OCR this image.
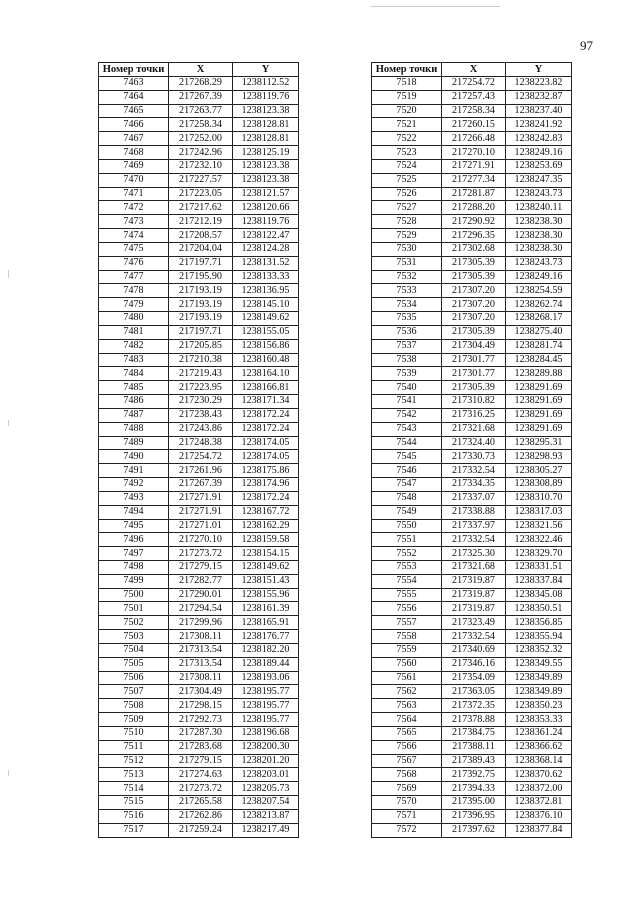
97
Номер точки	X	Y
7463	217268.29	1238112.52
7464	217267.39	1238119.76
7465	217263.77	1238123.38
7466	217258.34	1238128.81
7467	217252.00	1238128.81
7468	217242.96	1238125.19
7469	217232.10	1238123.38
7470	217227.57	1238123.38
7471	217223.05	1238121.57
7472	217217.62	1238120.66
7473	217212.19	1238119.76
7474	217208.57	1238122.47
7475	217204.04	1238124.28
7476	217197.71	1238131.52
7477	217195.90	1238133.33
7478	217193.19	1238136.95
7479	217193.19	1238145.10
7480	217193.19	1238149.62
7481	217197.71	1238155.05
7482	217205.85	1238156.86
7483	217210.38	1238160.48
7484	217219.43	1238164.10
7485	217223.95	1238166.81
7486	217230.29	1238171.34
7487	217238.43	1238172.24
7488	217243.86	1238172.24
7489	217248.38	1238174.05
7490	217254.72	1238174.05
7491	217261.96	1238175.86
7492	217267.39	1238174.96
7493	217271.91	1238172.24
7494	217271.91	1238167.72
7495	217271.01	1238162.29
7496	217270.10	1238159.58
7497	217273.72	1238154.15
7498	217279.15	1238149.62
7499	217282.77	1238151.43
7500	217290.01	1238155.96
7501	217294.54	1238161.39
7502	217299.96	1238165.91
7503	217308.11	1238176.77
7504	217313.54	1238182.20
7505	217313.54	1238189.44
7506	217308.11	1238193.06
7507	217304.49	1238195.77
7508	217298.15	1238195.77
7509	217292.73	1238195.77
7510	217287.30	1238196.68
7511	217283.68	1238200.30
7512	217279.15	1238201.20
7513	217274.63	1238203.01
7514	217273.72	1238205.73
7515	217265.58	1238207.54
7516	217262.86	1238213.87
7517	217259.24	1238217.49
Номер точки	X	Y
7518	217254.72	1238223.82
7519	217257.43	1238232.87
7520	217258.34	1238237.40
7521	217260.15	1238241.92
7522	217266.48	1238242.83
7523	217270.10	1238249.16
7524	217271.91	1238253.69
7525	217277.34	1238247.35
7526	217281.87	1238243.73
7527	217288.20	1238240.11
7528	217290.92	1238238.30
7529	217296.35	1238238.30
7530	217302.68	1238238.30
7531	217305.39	1238243.73
7532	217305.39	1238249.16
7533	217307.20	1238254.59
7534	217307.20	1238262.74
7535	217307.20	1238268.17
7536	217305.39	1238275.40
7537	217304.49	1238281.74
7538	217301.77	1238284.45
7539	217301.77	1238289.88
7540	217305.39	1238291.69
7541	217310.82	1238291.69
7542	217316.25	1238291.69
7543	217321.68	1238291.69
7544	217324.40	1238295.31
7545	217330.73	1238298.93
7546	217332.54	1238305.27
7547	217334.35	1238308.89
7548	217337.07	1238310.70
7549	217338.88	1238317.03
7550	217337.97	1238321.56
7551	217332.54	1238322.46
7552	217325.30	1238329.70
7553	217321.68	1238331.51
7554	217319.87	1238337.84
7555	217319.87	1238345.08
7556	217319.87	1238350.51
7557	217323.49	1238356.85
7558	217332.54	1238355.94
7559	217340.69	1238352.32
7560	217346.16	1238349.55
7561	217354.09	1238349.89
7562	217363.05	1238349.89
7563	217372.35	1238350.23
7564	217378.88	1238353.33
7565	217384.75	1238361.24
7566	217388.11	1238366.62
7567	217389.43	1238368.14
7568	217392.75	1238370.62
7569	217394.33	1238372.00
7570	217395.00	1238372.81
7571	217396.95	1238376.10
7572	217397.62	1238377.84
